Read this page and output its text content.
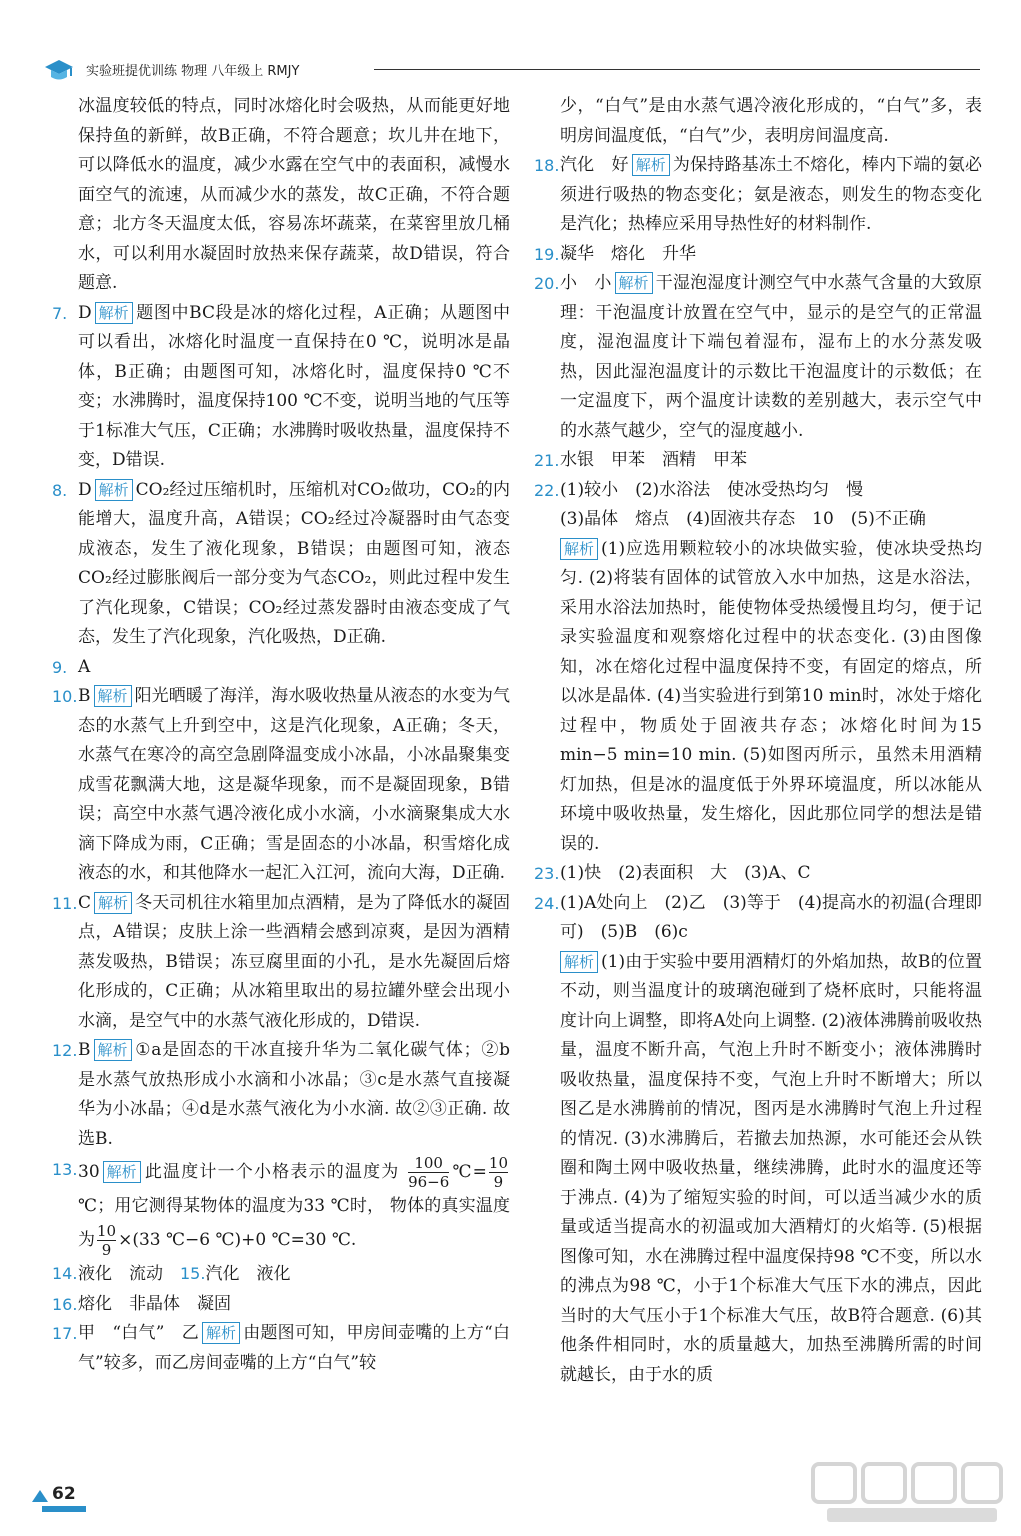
实验班提优训练 物理 八年级上 RMJY
冰温度较低的特点，同时冰熔化时会吸热，从而能更好地保持鱼的新鲜，故B正确，不符合题意；坎儿井在地下，可以降低水的温度，减少水露在空气中的表面积，减慢水面空气的流速，从而减少水的蒸发，故C正确，不符合题意；北方冬天温度太低，容易冻坏蔬菜，在菜窖里放几桶水，可以利用水凝固时放热来保存蔬菜，故D错误，符合题意.
7. D 解析 题图中BC段是冰的熔化过程，A正确；从题图中可以看出，冰熔化时温度一直保持在0 ℃，说明冰是晶体，B正确；由题图可知，冰熔化时，温度保持0 ℃不变；水沸腾时，温度保持100 ℃不变，说明当地的气压等于1标准大气压，C正确；水沸腾时吸收热量，温度保持不变，D错误.
8. D 解析 CO₂经过压缩机时，压缩机对CO₂做功，CO₂的内能增大，温度升高，A错误；CO₂经过冷凝器时由气态变成液态，发生了液化现象，B错误；由题图可知，液态CO₂经过膨胀阀后一部分变为气态CO₂，则此过程中发生了汽化现象，C错误；CO₂经过蒸发器时由液态变成了气态，发生了汽化现象，汽化吸热，D正确.
9. A
10. B 解析 阳光晒暖了海洋，海水吸收热量从液态的水变为气态的水蒸气上升到空中，这是汽化现象，A正确；冬天，水蒸气在寒冷的高空急剧降温变成小冰晶，小冰晶聚集变成雪花飘满大地，这是凝华现象，而不是凝固现象，B错误；高空中水蒸气遇冷液化成小水滴，小水滴聚集成大水滴下降成为雨，C正确；雪是固态的小冰晶，积雪熔化成液态的水，和其他降水一起汇入江河，流向大海，D正确.
11. C 解析 冬天司机往水箱里加点酒精，是为了降低水的凝固点，A错误；皮肤上涂一些酒精会感到凉爽，是因为酒精蒸发吸热，B错误；冻豆腐里面的小孔，是水先凝固后熔化形成的，C正确；从冰箱里取出的易拉罐外壁会出现小水滴，是空气中的水蒸气液化形成的，D错误.
12. B 解析 ①a是固态的干冰直接升华为二氧化碳气体；②b是水蒸气放热形成小水滴和小冰晶；③c是水蒸气直接凝华为小冰晶；④d是水蒸气液化为小水滴. 故②③正确. 故选B.
13. 30 解析 此温度计一个小格表示的温度为 $\frac{100}{96-6}$ ℃= $\frac{10}{9}$
℃；用它测得某物体的温度为33 ℃时， 物体的真实温度为 $\frac{10}{9} \times(33$ ℃−6 ℃)+0 ℃=30 ℃.
14. 液化　流动　15.汽化　液化
16. 熔化　非晶体　凝固
17. 甲　“白气”　乙 解析 由题图可知，甲房间壶嘴的上方“白气”较多，而乙房间壶嘴的上方“白气”较
少，“白气”是由水蒸气遇冷液化形成的，“白气”多，表明房间温度低，“白气”少，表明房间温度高.
18. 汽化　好 解析 为保持路基冻土不熔化，棒内下端的氨必须进行吸热的物态变化；氨是液态，则发生的物态变化是汽化；热棒应采用导热性好的材料制作.
19. 凝华　熔化　升华
20. 小　小 解析 干湿泡湿度计测空气中水蒸气含量的大致原理：干泡温度计放置在空气中，显示的是空气的正常温度，湿泡温度计下端包着湿布，湿布上的水分蒸发吸热，因此湿泡温度计的示数比干泡温度计的示数低；在一定温度下，两个温度计读数的差别越大，表示空气中的水蒸气越少，空气的湿度越小.
21. 水银　甲苯　酒精　甲苯
22. (1)较小　(2)水浴法　使冰受热均匀　慢
(3)晶体　熔点　(4)固液共存态　10　(5)不正确
解析 (1)应选用颗粒较小的冰块做实验，使冰块受热均匀. (2)将装有固体的试管放入水中加热，这是水浴法，采用水浴法加热时，能使物体受热缓慢且均匀，便于记录实验温度和观察熔化过程中的状态变化. (3)由图像知，冰在熔化过程中温度保持不变，有固定的熔点，所以冰是晶体. (4)当实验进行到第10 min时，冰处于熔化过程中，物质处于固液共存态；冰熔化时间为15 min−5 min=10 min. (5)如图丙所示，虽然未用酒精灯加热，但是冰的温度低于外界环境温度，所以冰能从环境中吸收热量，发生熔化，因此那位同学的想法是错误的.
23. (1)快　(2)表面积　大　(3)A、C
24. (1)A处向上　(2)乙　(3)等于　(4)提高水的初温(合理即可)　(5)B　(6)c
解析 (1)由于实验中要用酒精灯的外焰加热，故B的位置不动，则当温度计的玻璃泡碰到了烧杯底时，只能将温度计向上调整，即将A处向上调整. (2)液体沸腾前吸收热量，温度不断升高，气泡上升时不断变小；液体沸腾时吸收热量，温度保持不变，气泡上升时不断增大；所以图乙是水沸腾前的情况，图丙是水沸腾时气泡上升过程的情况. (3)水沸腾后，若撤去加热源，水可能还会从铁圈和陶土网中吸收热量，继续沸腾，此时水的温度还等于沸点. (4)为了缩短实验的时间，可以适当减少水的质量或适当提高水的初温或加大酒精灯的火焰等. (5)根据图像可知，水在沸腾过程中温度保持98 ℃不变，所以水的沸点为98 ℃，小于1个标准大气压下水的沸点，因此当时的大气压小于1个标准大气压，故B符合题意. (6)其他条件相同时，水的质量越大，加热至沸腾所需的时间就越长，由于水的质
62
